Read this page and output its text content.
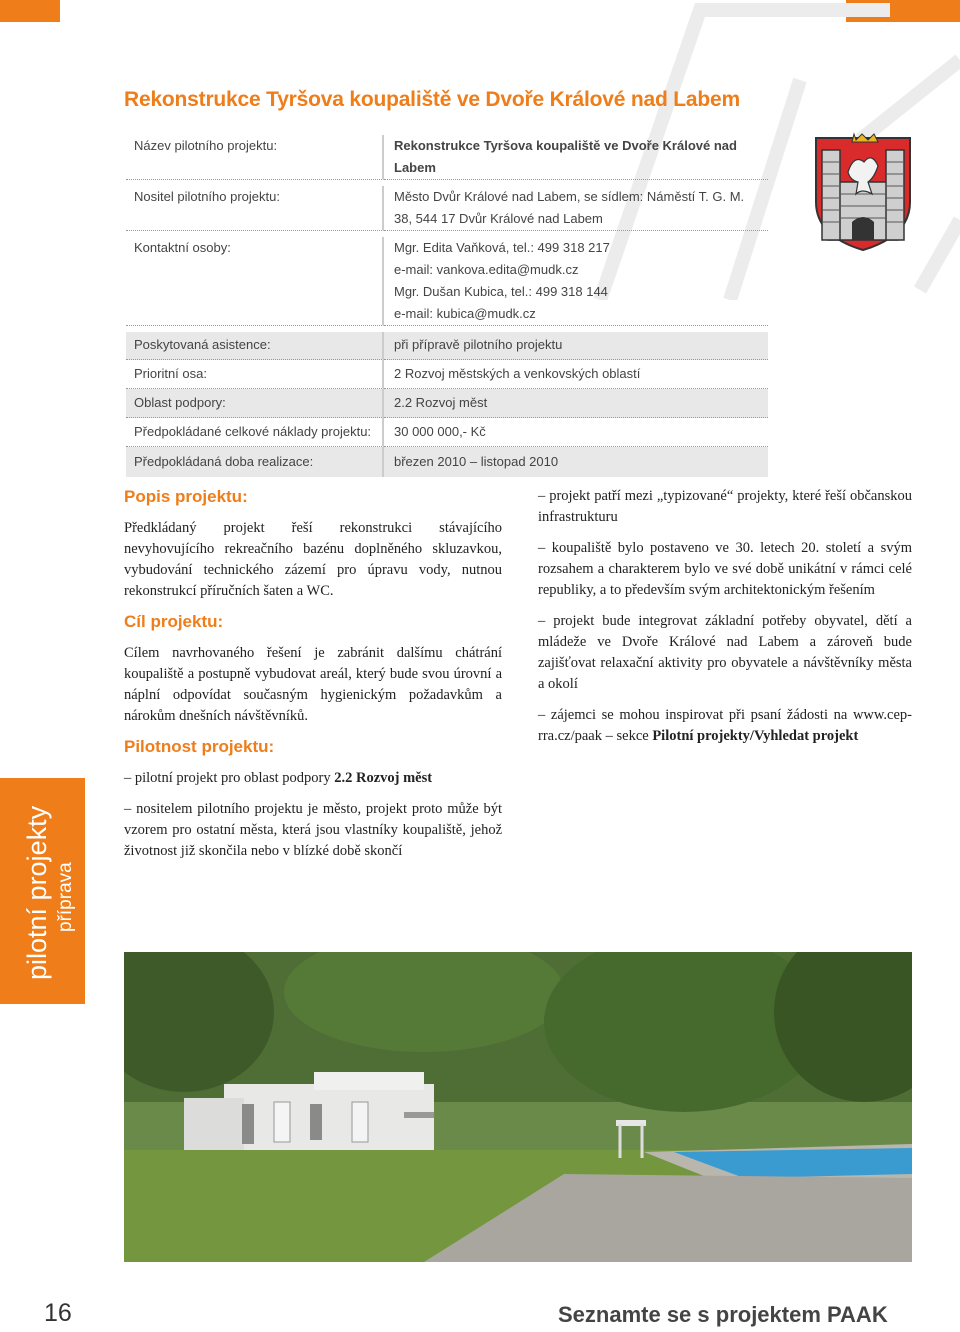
Rekonstrukce Tyršova koupaliště ve Dvoře Králové nad Labem
Název pilotního projektu:	Rekonstrukce Tyršova koupaliště ve Dvoře Králové nad
Labem
Nositel pilotního projektu:	Město Dvůr Králové nad Labem, se sídlem: Náměstí T. G. M.
38, 544 17 Dvůr Králové nad Labem
Kontaktní osoby:	Mgr. Edita Vaňková, tel.: 499 318 217
e-mail: vankova.edita@mudk.cz
Mgr. Dušan Kubica, tel.: 499 318 144
e-mail: kubica@mudk.cz
Poskytovaná asistence:	při přípravě pilotního projektu
Prioritní osa:	2 Rozvoj městských a venkovských oblastí
Oblast podpory:	2.2 Rozvoj měst
Předpokládané celkové náklady projektu:	30 000 000,- Kč
Předpokládaná doba realizace:	březen 2010 – listopad 2010
pilotní projekty příprava
Popis projektu:

Předkládaný projekt řeší rekonstrukci stávajícího nevyhovujícího rekreačního bazénu doplněného skluzavkou, vybudování technického zázemí pro úpravu vody, nutnou rekonstrukcí příručních šaten a WC.

Cíl projektu:

Cílem navrhovaného řešení je zabránit dalšímu chátrání koupaliště a postupně vybudovat areál, který bude svou úrovní a náplní odpovídat současným hygienickým požadavkům a nárokům dnešních návštěvníků.

Pilotnost projektu:

– pilotní projekt pro oblast podpory 2.2 Rozvoj měst

– nositelem pilotního projektu je město, projekt proto může být vzorem pro ostatní města, která jsou vlastníky koupaliště, jehož životnost již skončila nebo v blízké době skončí

– projekt patří mezi „typizované“ projekty, které řeší občanskou infrastrukturu

– koupaliště bylo postaveno ve 30. letech 20. století a svým rozsahem a charakterem bylo ve své době unikátní v rámci celé republiky, a to především svým architektonickým řešením

– projekt bude integrovat základní potřeby obyvatel, dětí a mládeže ve Dvoře Králové nad Labem a zároveň bude zajišťovat relaxační aktivity pro obyvatele a návštěvníky města a okolí

– zájemci se mohou inspirovat při psaní žádosti na www.cep-rra.cz/paak – sekce Pilotní projekty/Vyhledat projekt

16	Seznamte se s projektem PAAK
